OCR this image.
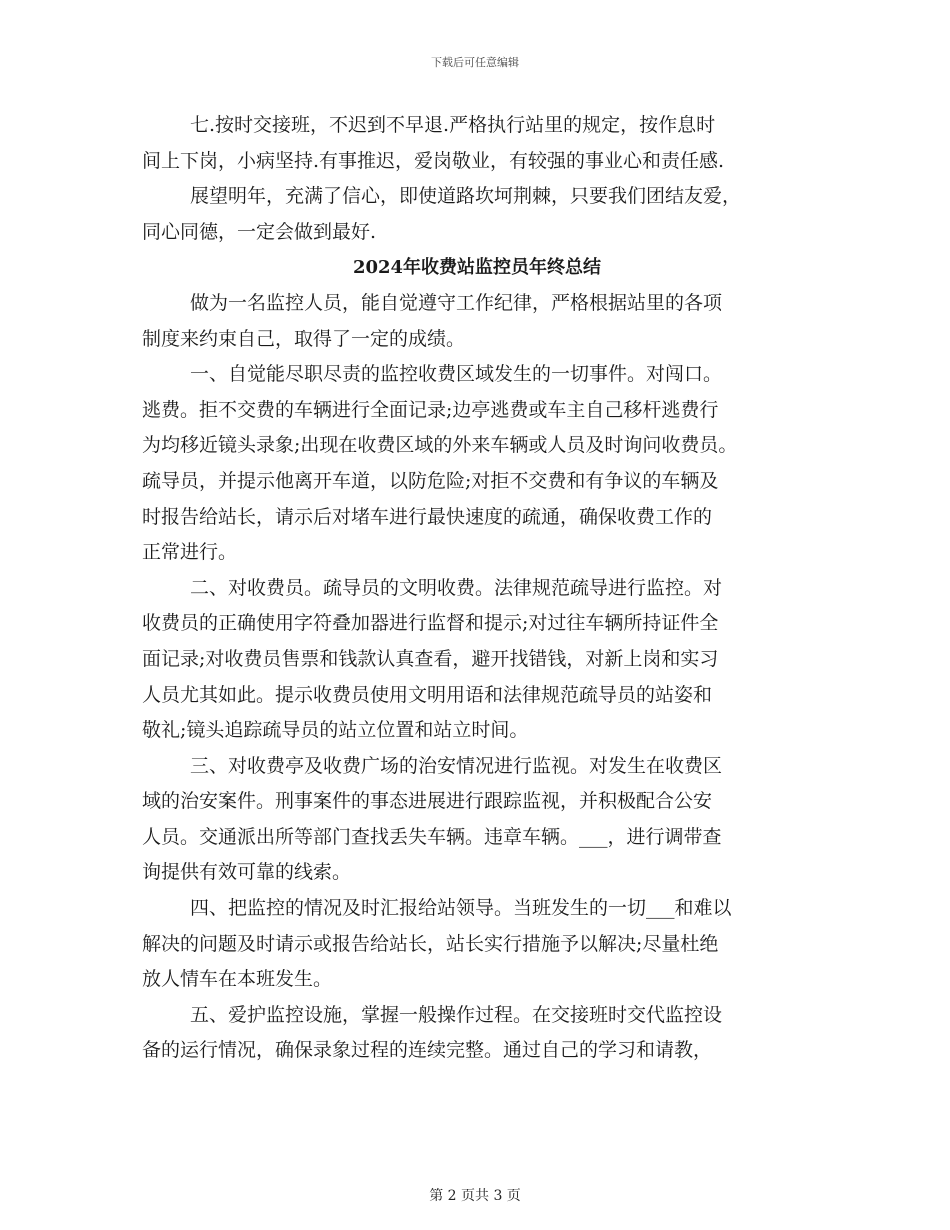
下载后可任意编辑
七.按时交接班，不迟到不早退.严格执行站里的规定，按作息时
间上下岗，小病坚持.有事推迟，爱岗敬业，有较强的事业心和责任感.
展望明年，充满了信心，即使道路坎坷荆棘，只要我们团结友爱，
同心同德，一定会做到最好.
2024年收费站监控员年终总结
做为一名监控人员，能自觉遵守工作纪律，严格根据站里的各项
制度来约束自己，取得了一定的成绩。
一、自觉能尽职尽责的监控收费区域发生的一切事件。对闯口。
逃费。拒不交费的车辆进行全面记录;边亭逃费或车主自己移杆逃费行
为均移近镜头录象;出现在收费区域的外来车辆或人员及时询问收费员。
疏导员，并提示他离开车道，以防危险;对拒不交费和有争议的车辆及
时报告给站长，请示后对堵车进行最快速度的疏通，确保收费工作的
正常进行。
二、对收费员。疏导员的文明收费。法律规范疏导进行监控。对
收费员的正确使用字符叠加器进行监督和提示;对过往车辆所持证件全
面记录;对收费员售票和钱款认真查看，避开找错钱，对新上岗和实习
人员尤其如此。提示收费员使用文明用语和法律规范疏导员的站姿和
敬礼;镜头追踪疏导员的站立位置和站立时间。
三、对收费亭及收费广场的治安情况进行监视。对发生在收费区
域的治安案件。刑事案件的事态进展进行跟踪监视，并积极配合公安
人员。交通派出所等部门查找丢失车辆。违章车辆。___，进行调带查
询提供有效可靠的线索。
四、把监控的情况及时汇报给站领导。当班发生的一切___和难以
解决的问题及时请示或报告给站长，站长实行措施予以解决;尽量杜绝
放人情车在本班发生。
五、爱护监控设施，掌握一般操作过程。在交接班时交代监控设
备的运行情况，确保录象过程的连续完整。通过自己的学习和请教，
第 2 页共 3 页
